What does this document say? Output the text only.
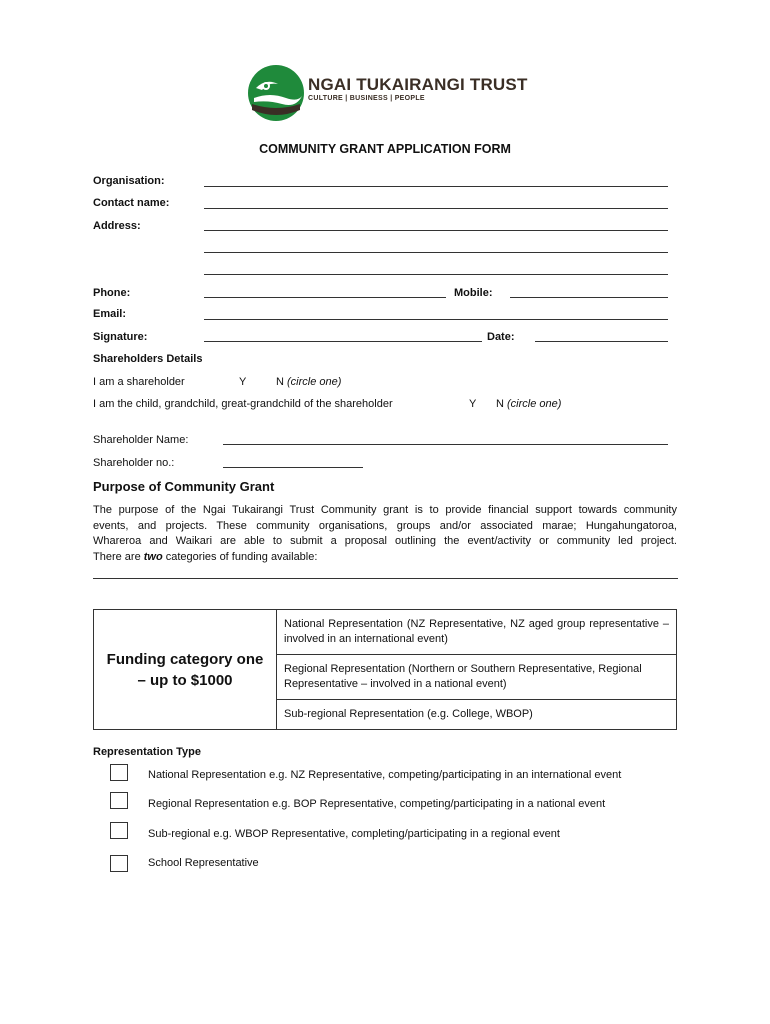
NGAI TUKAIRANGI TRUST
CULTURE | BUSINESS | PEOPLE
COMMUNITY GRANT APPLICATION FORM
Organisation:
Contact name:
Address:
Phone:	Mobile:
Email:
Signature:	Date:
Shareholders Details
I am a shareholder	Y	N (circle one)
I am the child, grandchild, great-grandchild of the shareholder	Y N (circle one)
Shareholder Name:
Shareholder no.:
Purpose of Community Grant
The purpose of the Ngai Tukairangi Trust Community grant is to provide financial support towards community
events, and projects. These community organisations, groups and/or associated marae; Hungahungatoroa,
Whareroa and Waikari are able to submit a proposal outlining the event/activity or community led project.
There are two categories of funding available:
Funding category one
– up to $1000
	National Representation (NZ Representative, NZ aged group representative – involved in an international event)
Regional Representation (Northern or Southern Representative, Regional Representative – involved in a national event)
Sub-regional Representation (e.g. College, WBOP)
Representation Type
National Representation e.g. NZ Representative, competing/participating in an international event
Regional Representation e.g. BOP Representative, competing/participating in a national event
Sub-regional e.g. WBOP Representative, completing/participating in a regional event
School Representative
